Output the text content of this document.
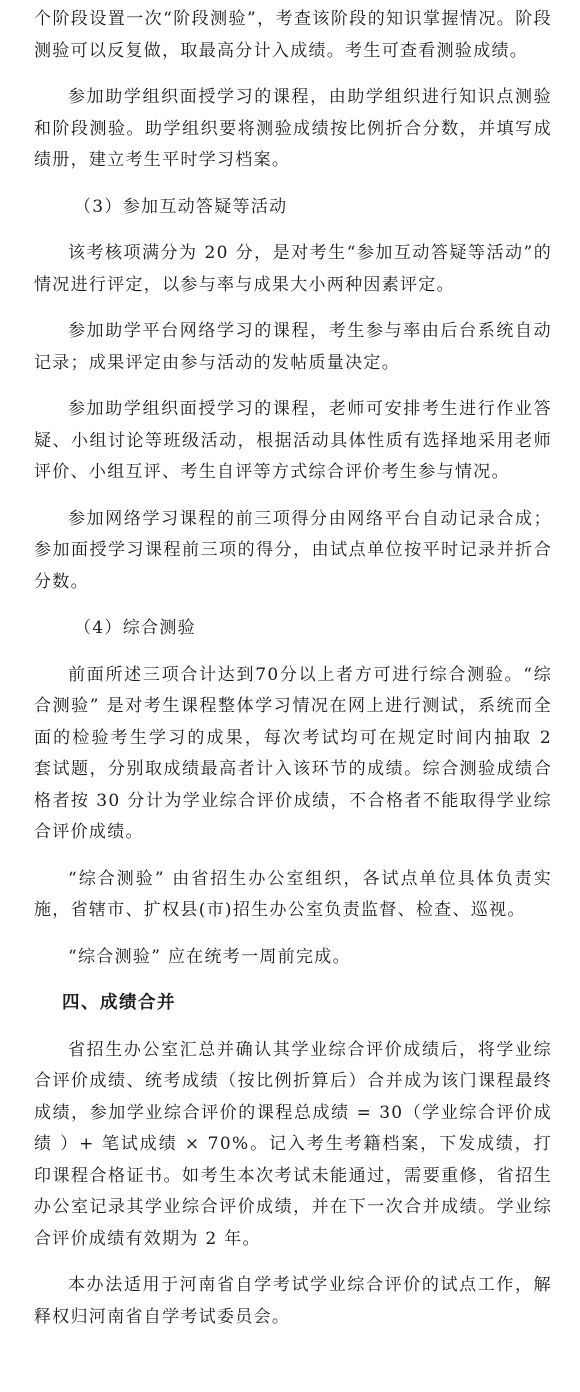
个阶段设置一次“阶段测验”，考查该阶段的知识掌握情况。阶段测验可以反复做，取最高分计入成绩。考生可查看测验成绩。

参加助学组织面授学习的课程，由助学组织进行知识点测验和阶段测验。助学组织要将测验成绩按比例折合分数，并填写成绩册，建立考生平时学习档案。

（3）参加互动答疑等活动

该考核项满分为 20 分，是对考生“参加互动答疑等活动”的情况进行评定，以参与率与成果大小两种因素评定。

参加助学平台网络学习的课程，考生参与率由后台系统自动记录；成果评定由参与活动的发帖质量决定。

参加助学组织面授学习的课程，老师可安排考生进行作业答疑、小组讨论等班级活动，根据活动具体性质有选择地采用老师评价、小组互评、考生自评等方式综合评价考生参与情况。

参加网络学习课程的前三项得分由网络平台自动记录合成；参加面授学习课程前三项的得分，由试点单位按平时记录并折合分数。

（4）综合测验

前面所述三项合计达到70分以上者方可进行综合测验。“综合测验” 是对考生课程整体学习情况在网上进行测试，系统而全面的检验考生学习的成果，每次考试均可在规定时间内抽取 2 套试题，分别取成绩最高者计入该环节的成绩。综合测验成绩合格者按 30 分计为学业综合评价成绩，不合格者不能取得学业综合评价成绩。

“综合测验” 由省招生办公室组织，各试点单位具体负责实施，省辖市、扩权县(市)招生办公室负责监督、检查、巡视。

“综合测验” 应在统考一周前完成。

四、成绩合并

省招生办公室汇总并确认其学业综合评价成绩后，将学业综合评价成绩、统考成绩（按比例折算后）合并成为该门课程最终成绩，参加学业综合评价的课程总成绩 = 30（学业综合评价成绩 ）+ 笔试成绩 × 70%。记入考生考籍档案，下发成绩，打印课程合格证书。如考生本次考试未能通过，需要重修，省招生办公室记录其学业综合评价成绩，并在下一次合并成绩。学业综合评价成绩有效期为 2 年。

本办法适用于河南省自学考试学业综合评价的试点工作，解释权归河南省自学考试委员会。
